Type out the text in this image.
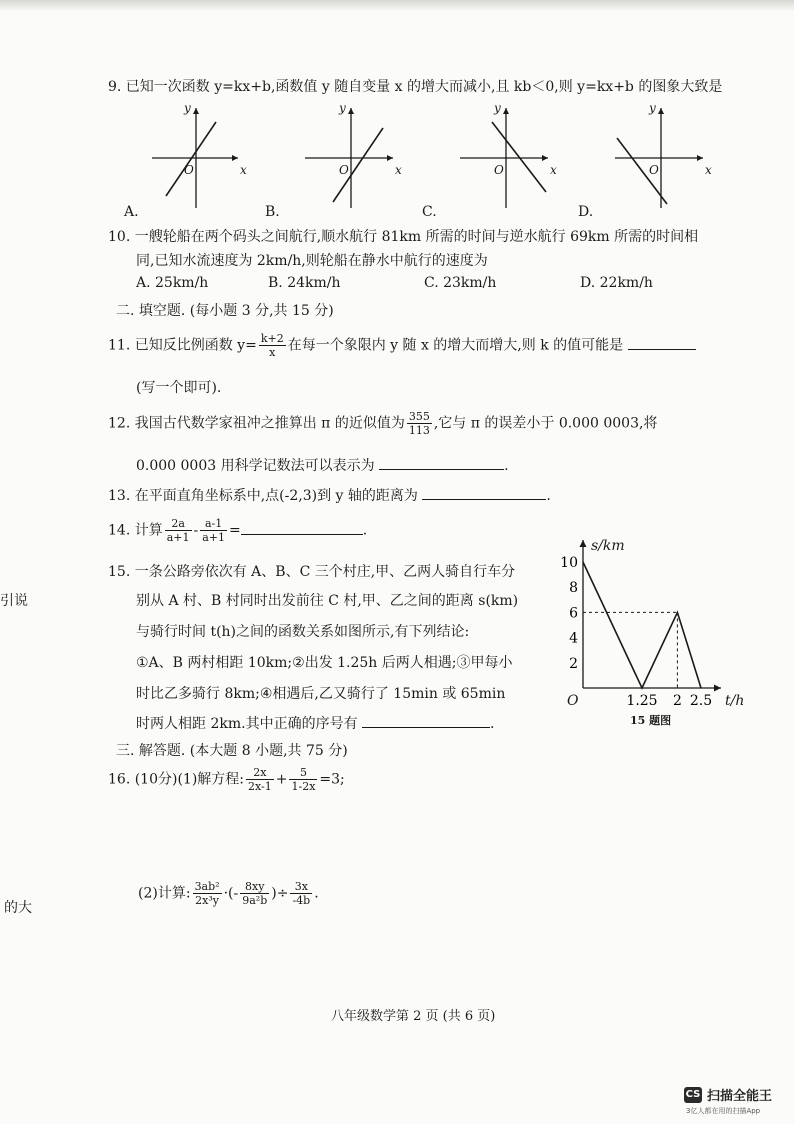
9. 已知一次函数 y=kx+b,函数值 y 随自变量 x 的增大而减小,且 kb＜0,则 y=kx+b 的图象大致是
y
x
O
y
x
O
y
x
O
y
x
O
A.	B.	C.	D.
10. 一艘轮船在两个码头之间航行,顺水航行 81km 所需的时间与逆水航行 69km 所需的时间相
同,已知水流速度为 2km/h,则轮船在静水中航行的速度为
A. 25km/h	B. 24km/h	C. 23km/h	D. 22km/h
二. 填空题. (每小题 3 分,共 15 分)
11. 已知反比例函数 $y= \frac{k+2}{x}$ 在每一个象限内 y 随 x 的增大而增大,则 k 的值可能是
(写一个即可).
12. 我国古代数学家祖冲之推算出 π 的近似值为 $\frac{355}{113}$ ,它与 π 的误差小于 0.000 0003,将
0.000 0003 用科学记数法可以表示为	.
13. 在平面直角坐标系中,点(-2,3)到 y 轴的距离为	.
14. 计算 $\frac{2a}{a+1} - \frac{a-1}{a+1}$ =	.
15. 一条公路旁依次有 A、B、C 三个村庄,甲、乙两人骑自行车分
别从 A 村、B 村同时出发前往 C 村,甲、乙之间的距离 s(km)
与骑行时间 t(h)之间的函数关系如图所示,有下列结论:
①A、B 两村相距 10km;②出发 1.25h 后两人相遇;③甲每小
时比乙多骑行 8km;④相遇后,乙又骑行了 15min 或 65min
时两人相距 2km.其中正确的序号有	.
2
4
6
8
10
1.25 2 2.5
s/km
t/h
O
15 题图
三. 解答题. (本大题 8 小题,共 75 分)
16. (10分)(1)解方程: $\frac{2x}{2x-1} + \frac{5}{1-2x} =3$;
(2)计算: $\frac{\text{3ab²}}{\text{2x³y}}$ ·(- $\frac{8xy}{\text{9a²b}}$ )÷ $\frac{3x}{-4b}$ .
引说
的大
八年级数学第 2 页 (共 6 页)
CS 扫描全能王
3亿人都在用的扫描App
